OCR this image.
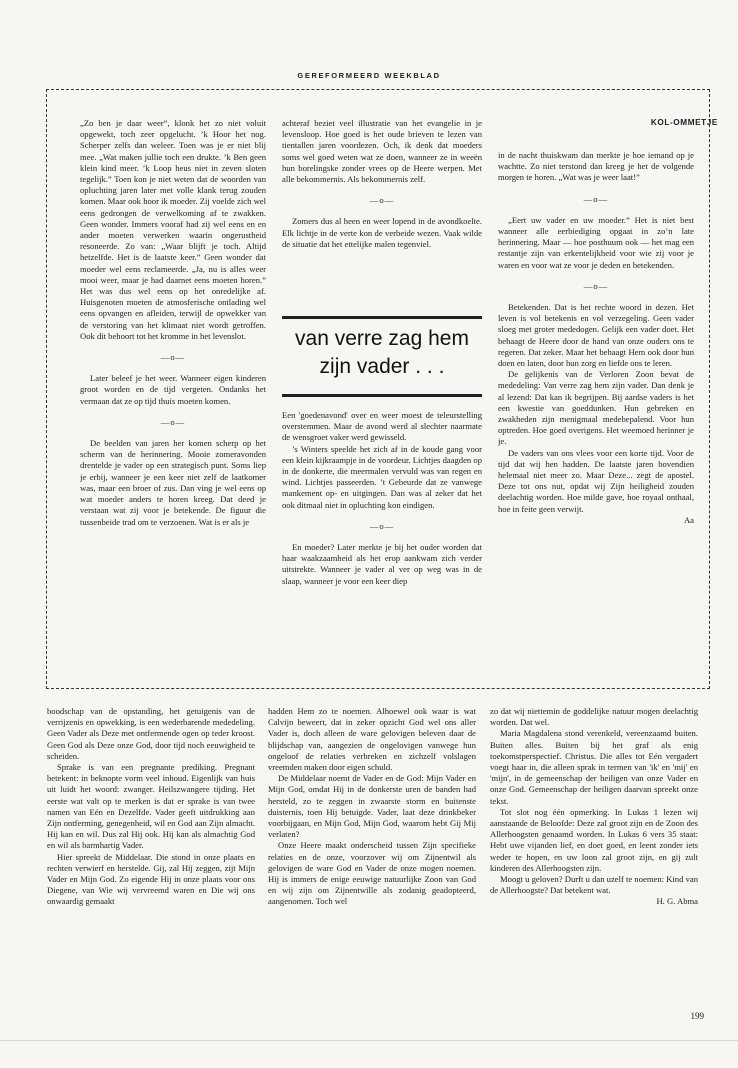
GEREFORMEERD WEEKBLAD
KOL-OMMETJE

„Zo ben je daar weer”, klonk het zo niet voluit opgewekt, toch zeer opgelucht. ’k Hoor het nog. Scherper zelfs dan weleer. Toen was je er niet blij mee. „Wat maken jullie toch een drukte. ’k Ben geen klein kind meer. ’k Loop heus niet in zeven sloten tegelijk.” Toen kon je niet weten dat de woorden van opluchting jaren later met volle klank terug zouden komen. Maar ook hoor ik moeder. Zij voelde zich wel eens gedrongen de verwelkoming af te zwakken. Geen wonder. Immers vooraf had zij wel eens en en ander moeten verwerken waarin ongerustheid resoneerde. Zo van: „Waar blijft je toch. Altijd hetzelfde. Het is de laatste keer.” Geen wonder dat moeder wel eens reclameerde. „Ja, nu is alles weer mooi weer, maar je had daarnet eens moeten horen.” Het was dus wel eens op het onredelijke af. Huisgenoten moeten de atmosferische ontlading wel eens opvangen en afleiden, terwijl de opwekker van de verstoring van het klimaat niet wordt getroffen. Ook dit behoort tot het kromme in het levenslot.

—o—

Later beleef je het weer. Wanneer eigen kinderen groot worden en de tijd vergeten. Ondanks het vermaan dat ze op tijd thuis moeten komen.

—o—

De beelden van jaren her komen scherp op het scherm van de herinnering. Mooie zomeravonden drentelde je vader op een strategisch punt. Soms liep je erbij, wanneer je een keer niet zelf de laatkomer was, maar een broer of zus. Dan ving je wel eens op wat moeder anders te horen kreeg. Dat deed je verstaan wat zij voor je betekende. De figuur die tussenbeide trad om te verzoenen. Wat is er als je

achteraf beziet veel illustratie van het evangelie in je levensloop. Hoe goed is het oude brieven te lezen van tientallen jaren voordezen. Och, ik denk dat moeders soms wel goed weten wat ze doen, wanneer ze in weeën hun borelingske zonder vrees op de Heere werpen. Met alle bekommernis. Als bekommernis zelf.

—o—

Zomers dus al heen en weer lopend in de avondkoelte. Elk lichtje in de verte kon de verbeide wezen. Vaak wilde de situatie dat het ettelijke malen tegenviel.

van verre zag hem zijn vader . . .

Een 'goedenavond' over en weer moest de teleurstelling overstemmen. Maar de avond werd al slechter naarmate de wensgroet vaker werd gewisseld.

’s Winters speelde het zich af in de koude gang voor een klein kijkraampje in de voordeur. Lichtjes daagden op in de donkerte, die meermalen vervuld was van regen en wind. Lichtjes passeerden. ’t Gebeurde dat ze vanwege mankement op- en uitgingen. Dan was al zeker dat het ook ditmaal niet in opluchting kon eindigen.

—o—

En moeder? Later merkte je bij het ouder worden dat haar waakzaamheid als het erop aankwam zich verder uitstrekte. Wanneer je vader al ver op weg was in de slaap, wanneer je voor een keer diep

in de nacht thuiskwam dan merkte je hoe iemand op je wachtte. Zo niet terstond dan kreeg je het de volgende morgen te horen. „Wat was je weer laat!”

—o—

„Eert uw vader en uw moeder.” Het is niet best wanneer alle eerbiediging opgaat in zo’n late herinnering. Maar — hoe posthuum ook — het mag een restantje zijn van erkentelijkheid voor wie zij voor je waren en voor wat ze voor je deden en betekenden.

—o—

Betekenden. Dat is het rechte woord in dezen. Het leven is vol betekenis en vol verzegeling. Geen vader sloeg met groter mededogen. Gelijk een vader doet. Het behaagt de Heere door de hand van onze ouders ons te regeren. Dat zeker. Maar het behaagt Hem ook door hun doen en laten, door hun zorg en liefde ons te leren.

De gelijkenis van de Verloren Zoon bevat de mededeling: Van verre zag hem zijn vader. Dan denk je al lezend: Dat kan ik begrijpen. Bij aardse vaders is het een kwestie van goeddunken. Hun gebreken en zwakheden zijn menigmaal medebepalend. Voor hun optreden. Hoe goed overigens. Het weemoed herinner je je.

De vaders van ons vlees voor een korte tijd. Voor de tijd dat wij hen hadden. De laatste jaren bovendien helemaal niet meer zo. Maar Deze... zegt de apostel. Deze tot ons nut, opdat wij Zijn heiligheid zouden deelachtig worden. Hoe milde gave, hoe royaal onthaal, hoe in feite geen verwijt.

Aa

boodschap van de opstanding, het getuigenis van de verrijzenis en opwekking, is een wederbarende mededeling. Geen Vader als Deze met ontfermende ogen op teder kroost. Geen God als Deze onze God, door tijd noch eeuwigheid te scheiden.

Sprake is van een pregnante prediking. Pregnant betekent: in beknopte vorm veel inhoud. Eigenlijk van huis uit luidt het woord: zwanger. Heilszwangere tijding. Het eerste wat valt op te merken is dat er sprake is van twee namen van Eén en Dezelfde. Vader geeft uitdrukking aan Zijn ontferming, genegenheid, wil en God aan Zijn almacht. Hij kan en wil. Dus zal Hij ook. Hij kan als almachtig God en wil als barmhartig Vader.

Hier spreekt de Middelaar. Die stond in onze plaats en rechten verwierf en herstelde. Gij, zal Hij zeggen, zijt Mijn Vader en Mijn God. Zo eigende Hij in onze plaats voor ons Diegene, van Wie wij vervreemd waren en Die wij ons onwaardig gemaakt

hadden Hem zo te noemen. Alhoewel ook waar is wat Calvijn beweert, dat in zeker opzicht God wel ons aller Vader is, doch alleen de ware gelovigen beleven daar de blijdschap van, aangezien de ongelovigen vanwege hun ongeloof de relaties verbreken en zichzelf volslagen vreemden maken door eigen schuld.

De Middelaar noemt de Vader en de God: Mijn Vader en Mijn God, omdat Hij in de donkerste uren de banden had hersteld, zo te zeggen in zwaarste storm en buitenste duisternis, toen Hij betuigde. Vader, laat deze drinkbeker voorbijgaan, en Mijn God, Mijn God, waarom hebt Gij Mij verlaten?

Onze Heere maakt onderscheid tussen Zijn specifieke relaties en de onze, voorzover wij om Zijnentwil als gelovigen de ware God en Vader de onze mogen noemen. Hij is immers de enige eeuwige natuurlijke Zoon van God en wij zijn om Zijnentwille als zodanig geadopteerd, aangenomen. Toch wel

zo dat wij niettemin de goddelijke natuur mogen deelachtig worden. Dat wel.

Maria Magdalena stond verenkeld, vereenzaamd buiten. Buiten alles. Buiten bij het graf als enig toekomstperspectief. Christus. Die alles tot Eén vergadert voegt haar in, die alleen sprak in termen van 'ik' en 'mij' en 'mijn', in de gemeenschap der heiligen van onze Vader en onze God. Gemeenschap der heiligen daarvan spreekt onze tekst.

Tot slot nog één opmerking. In Lukas 1 lezen wij aanstaande de Beloofde: Deze zal groot zijn en de Zoon des Allerhoogsten genaamd worden. In Lukas 6 vers 35 staat: Hebt uwe vijanden lief, en doet goed, en leent zonder iets weder te hopen, en uw loon zal groot zijn, en gij zult kinderen des Allerhoogsten zijn.

Moogt u geloven? Durft u dan uzelf te noemen: Kind van de Allerhoogste? Dat betekent wat.

H. G. Abma
199
